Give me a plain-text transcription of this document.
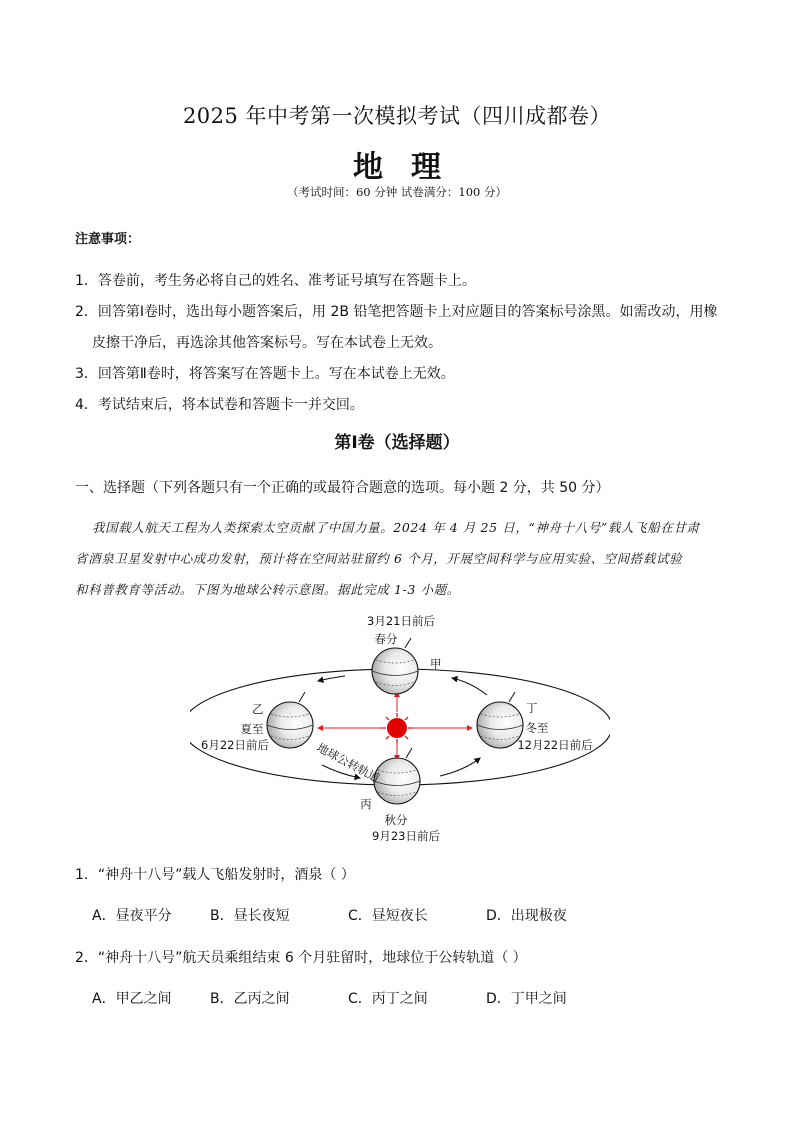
2025 年中考第一次模拟考试（四川成都卷）
地理
（考试时间：60 分钟 试卷满分：100 分）
注意事项：
1．答卷前，考生务必将自己的姓名、准考证号填写在答题卡上。
2．回答第Ⅰ卷时，选出每小题答案后，用 2B 铅笔把答题卡上对应题目的答案标号涂黑。如需改动，用橡
皮擦干净后，再选涂其他答案标号。写在本试卷上无效。
3．回答第Ⅱ卷时，将答案写在答题卡上。写在本试卷上无效。
4．考试结束后，将本试卷和答题卡一并交回。
第Ⅰ卷（选择题）
一、选择题（下列各题只有一个正确的或最符合题意的选项。每小题 2 分，共 50 分）
我国载人航天工程为人类探索太空贡献了中国力量。2024 年 4 月 25 日，“神舟十八号”载人飞船在甘肃
省酒泉卫星发射中心成功发射，预计将在空间站驻留约 6 个月，开展空间科学与应用实验、空间搭载试验
和科普教育等活动。下图为地球公转示意图。据此完成 1-3 小题。
3月21日前后
春分
甲
乙
夏至
6月22日前后
丁
冬至
12月22日前后
丙
秋分
9月23日前后
地球公转轨道
1．“神舟十八号”载人飞船发射时，酒泉（ ）
A．昼夜平分	B．昼长夜短	C．昼短夜长	D．出现极夜
2．“神舟十八号”航天员乘组结束 6 个月驻留时，地球位于公转轨道（ ）
A．甲乙之间	B．乙丙之间	C．丙丁之间	D．丁甲之间
